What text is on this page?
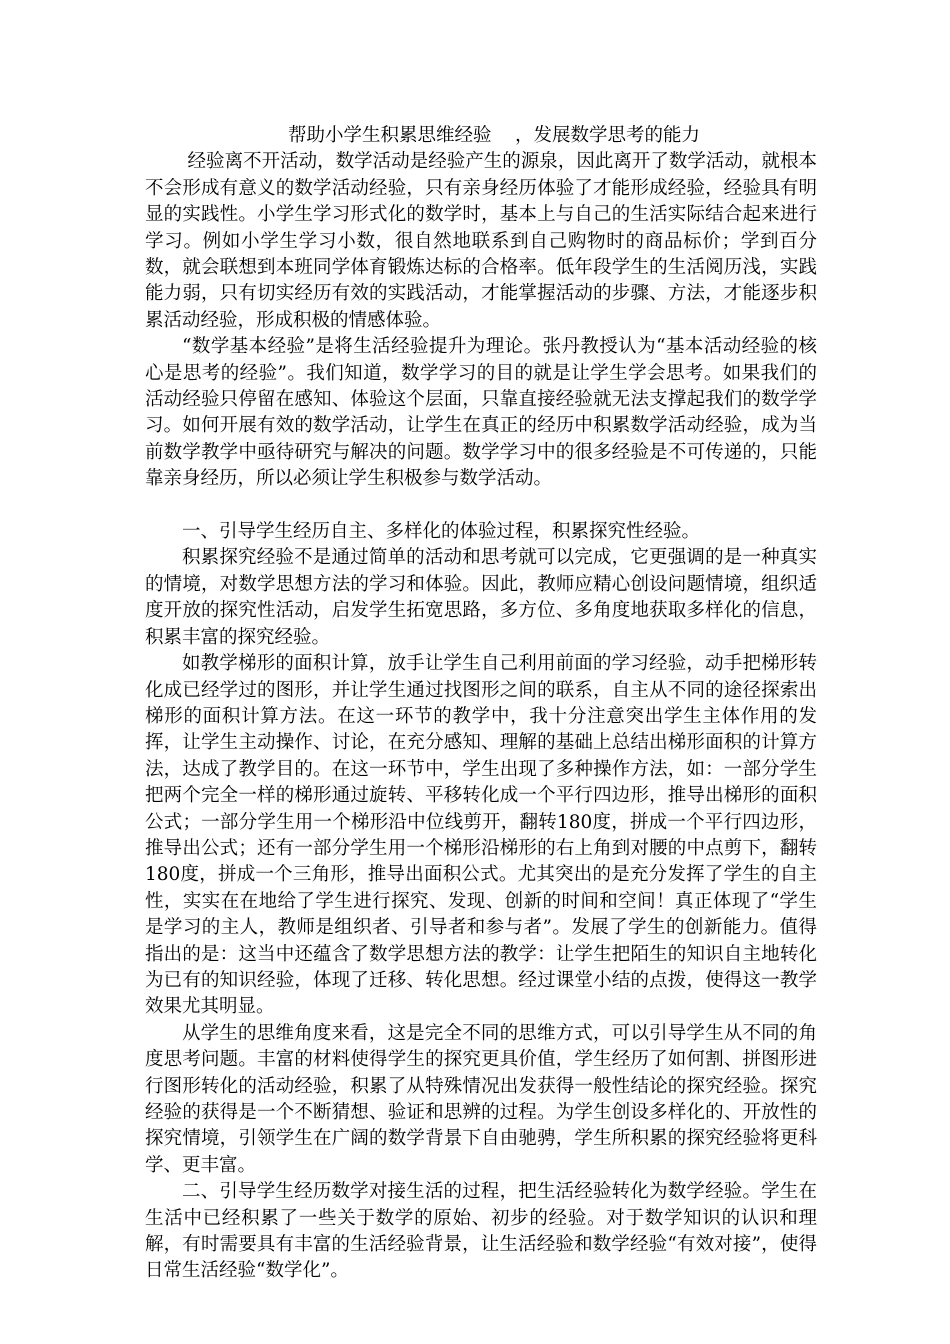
帮助小学生积累思维经验    ，发展数学思考的能力

经验离不开活动，数学活动是经验产生的源泉，因此离开了数学活动，就根本不会形成有意义的数学活动经验，只有亲身经历体验了才能形成经验，经验具有明显的实践性。小学生学习形式化的数学时，基本上与自己的生活实际结合起来进行学习。例如小学生学习小数，很自然地联系到自己购物时的商品标价；学到百分数，就会联想到本班同学体育锻炼达标的合格率。低年段学生的生活阅历浅，实践能力弱，只有切实经历有效的实践活动，才能掌握活动的步骤、方法，才能逐步积累活动经验，形成积极的情感体验。

“数学基本经验”是将生活经验提升为理论。张丹教授认为“基本活动经验的核心是思考的经验”。我们知道，数学学习的目的就是让学生学会思考。如果我们的活动经验只停留在感知、体验这个层面，只靠直接经验就无法支撑起我们的数学学习。如何开展有效的数学活动，让学生在真正的经历中积累数学活动经验，成为当前数学教学中亟待研究与解决的问题。数学学习中的很多经验是不可传递的，只能靠亲身经历，所以必须让学生积极参与数学活动。

一、引导学生经历自主、多样化的体验过程，积累探究性经验。

积累探究经验不是通过简单的活动和思考就可以完成，它更强调的是一种真实的情境，对数学思想方法的学习和体验。因此，教师应精心创设问题情境，组织适度开放的探究性活动，启发学生拓宽思路，多方位、多角度地获取多样化的信息，积累丰富的探究经验。

如教学梯形的面积计算，放手让学生自己利用前面的学习经验，动手把梯形转化成已经学过的图形，并让学生通过找图形之间的联系，自主从不同的途径探索出梯形的面积计算方法。在这一环节的教学中，我十分注意突出学生主体作用的发挥，让学生主动操作、讨论，在充分感知、理解的基础上总结出梯形面积的计算方法，达成了教学目的。在这一环节中，学生出现了多种操作方法，如：一部分学生把两个完全一样的梯形通过旋转、平移转化成一个平行四边形，推导出梯形的面积公式；一部分学生用一个梯形沿中位线剪开，翻转180度，拼成一个平行四边形，推导出公式；还有一部分学生用一个梯形沿梯形的右上角到对腰的中点剪下，翻转180度，拼成一个三角形，推导出面积公式。尤其突出的是充分发挥了学生的自主性，实实在在地给了学生进行探究、发现、创新的时间和空间！真正体现了“学生是学习的主人，教师是组织者、引导者和参与者”。发展了学生的创新能力。值得指出的是：这当中还蕴含了数学思想方法的教学：让学生把陌生的知识自主地转化为已有的知识经验，体现了迁移、转化思想。经过课堂小结的点拨，使得这一教学效果尤其明显。

从学生的思维角度来看，这是完全不同的思维方式，可以引导学生从不同的角度思考问题。丰富的材料使得学生的探究更具价值，学生经历了如何割、拼图形进行图形转化的活动经验，积累了从特殊情况出发获得一般性结论的探究经验。探究经验的获得是一个不断猜想、验证和思辨的过程。为学生创设多样化的、开放性的探究情境，引领学生在广阔的数学背景下自由驰骋，学生所积累的探究经验将更科学、更丰富。

二、引导学生经历数学对接生活的过程，把生活经验转化为数学经验。学生在生活中已经积累了一些关于数学的原始、初步的经验。对于数学知识的认识和理解，有时需要具有丰富的生活经验背景，让生活经验和数学经验“有效对接”，使得日常生活经验“数学化”。
